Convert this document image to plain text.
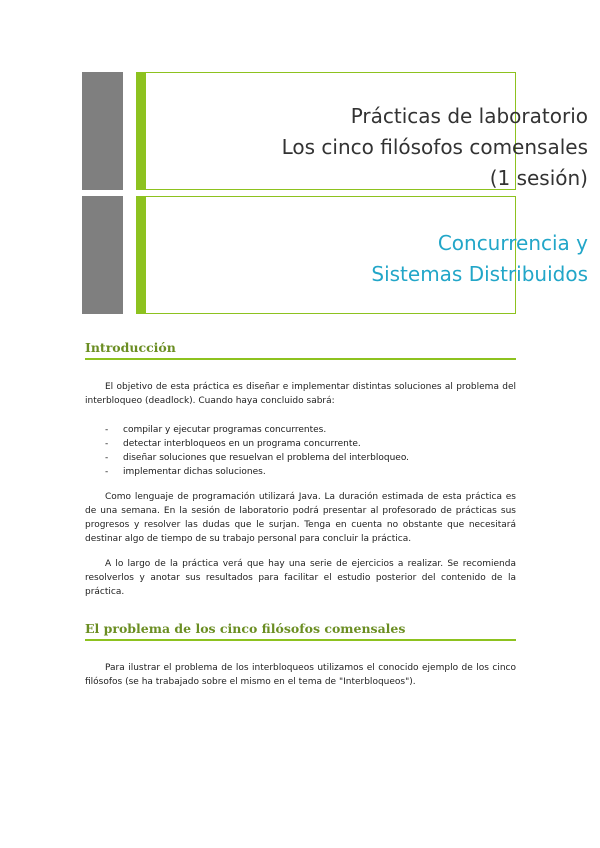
Prácticas de laboratorio
Los cinco filósofos comensales
(1 sesión)
Concurrencia y
Sistemas Distribuidos
Introducción

El objetivo de esta práctica es diseñar e implementar distintas soluciones al problema del interbloqueo (deadlock). Cuando haya concluido sabrá:

- compilar y ejecutar programas concurrentes.
- detectar interbloqueos en un programa concurrente.
- diseñar soluciones que resuelvan el problema del interbloqueo.
- implementar dichas soluciones.

Como lenguaje de programación utilizará Java. La duración estimada de esta práctica es de una semana. En la sesión de laboratorio podrá presentar al profesorado de prácticas sus progresos y resolver las dudas que le surjan. Tenga en cuenta no obstante que necesitará destinar algo de tiempo de su trabajo personal para concluir la práctica.

A lo largo de la práctica verá que hay una serie de ejercicios a realizar. Se recomienda resolverlos y anotar sus resultados para facilitar el estudio posterior del contenido de la práctica.

El problema de los cinco filósofos comensales

Para ilustrar el problema de los interbloqueos utilizamos el conocido ejemplo de los cinco filósofos (se ha trabajado sobre el mismo en el tema de "Interbloqueos").
